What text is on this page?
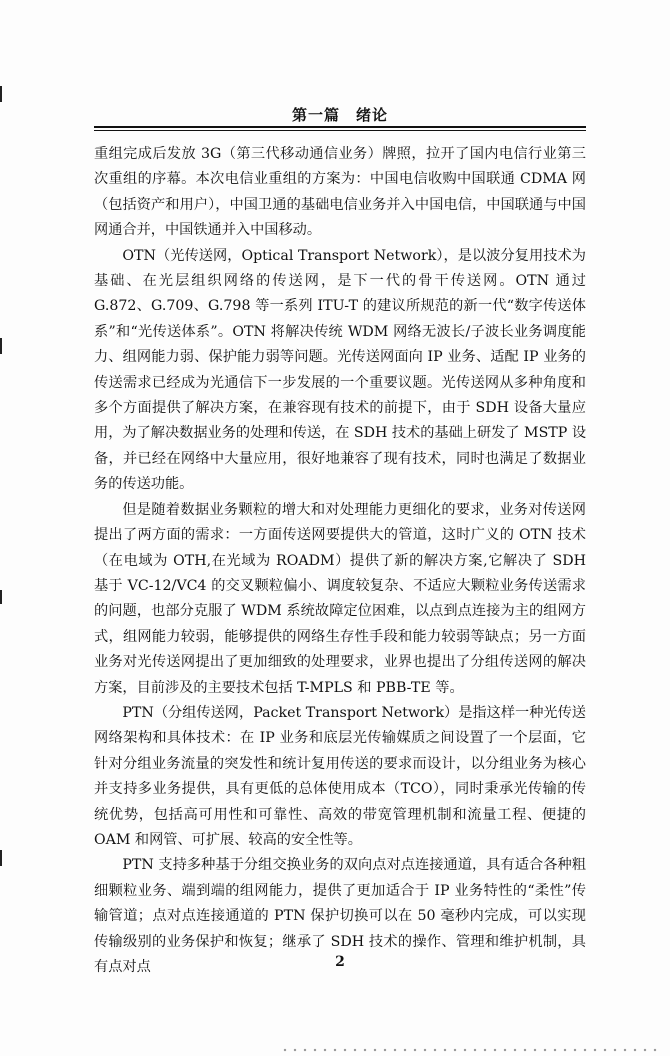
第一篇　绪论

重组完成后发放 3G（第三代移动通信业务）牌照，拉开了国内电信行业第三次重组的序幕。本次电信业重组的方案为：中国电信收购中国联通 CDMA 网（包括资产和用户），中国卫通的基础电信业务并入中国电信，中国联通与中国网通合并，中国铁通并入中国移动。

OTN（光传送网，Optical Transport Network），是以波分复用技术为基础、在光层组织网络的传送网，是下一代的骨干传送网。OTN 通过 G.872、G.709、G.798 等一系列 ITU-T 的建议所规范的新一代“数字传送体系”和“光传送体系”。OTN 将解决传统 WDM 网络无波长/子波长业务调度能力、组网能力弱、保护能力弱等问题。光传送网面向 IP 业务、适配 IP 业务的传送需求已经成为光通信下一步发展的一个重要议题。光传送网从多种角度和多个方面提供了解决方案，在兼容现有技术的前提下，由于 SDH 设备大量应用，为了解决数据业务的处理和传送，在 SDH 技术的基础上研发了 MSTP 设备，并已经在网络中大量应用，很好地兼容了现有技术，同时也满足了数据业务的传送功能。

但是随着数据业务颗粒的增大和对处理能力更细化的要求，业务对传送网提出了两方面的需求：一方面传送网要提供大的管道，这时广义的 OTN 技术（在电域为 OTH,在光域为 ROADM）提供了新的解决方案,它解决了 SDH 基于 VC-12/VC4 的交叉颗粒偏小、调度较复杂、不适应大颗粒业务传送需求的问题，也部分克服了 WDM 系统故障定位困难，以点到点连接为主的组网方式，组网能力较弱，能够提供的网络生存性手段和能力较弱等缺点；另一方面业务对光传送网提出了更加细致的处理要求，业界也提出了分组传送网的解决方案，目前涉及的主要技术包括 T-MPLS 和 PBB-TE 等。

PTN（分组传送网，Packet Transport Network）是指这样一种光传送网络架构和具体技术：在 IP 业务和底层光传输媒质之间设置了一个层面，它针对分组业务流量的突发性和统计复用传送的要求而设计，以分组业务为核心并支持多业务提供，具有更低的总体使用成本（TCO），同时秉承光传输的传统优势，包括高可用性和可靠性、高效的带宽管理机制和流量工程、便捷的 OAM 和网管、可扩展、较高的安全性等。

PTN 支持多种基于分组交换业务的双向点对点连接通道，具有适合各种粗细颗粒业务、端到端的组网能力，提供了更加适合于 IP 业务特性的“柔性”传输管道；点对点连接通道的 PTN 保护切换可以在 50 毫秒内完成，可以实现传输级别的业务保护和恢复；继承了 SDH 技术的操作、管理和维护机制，具有点对点	2
